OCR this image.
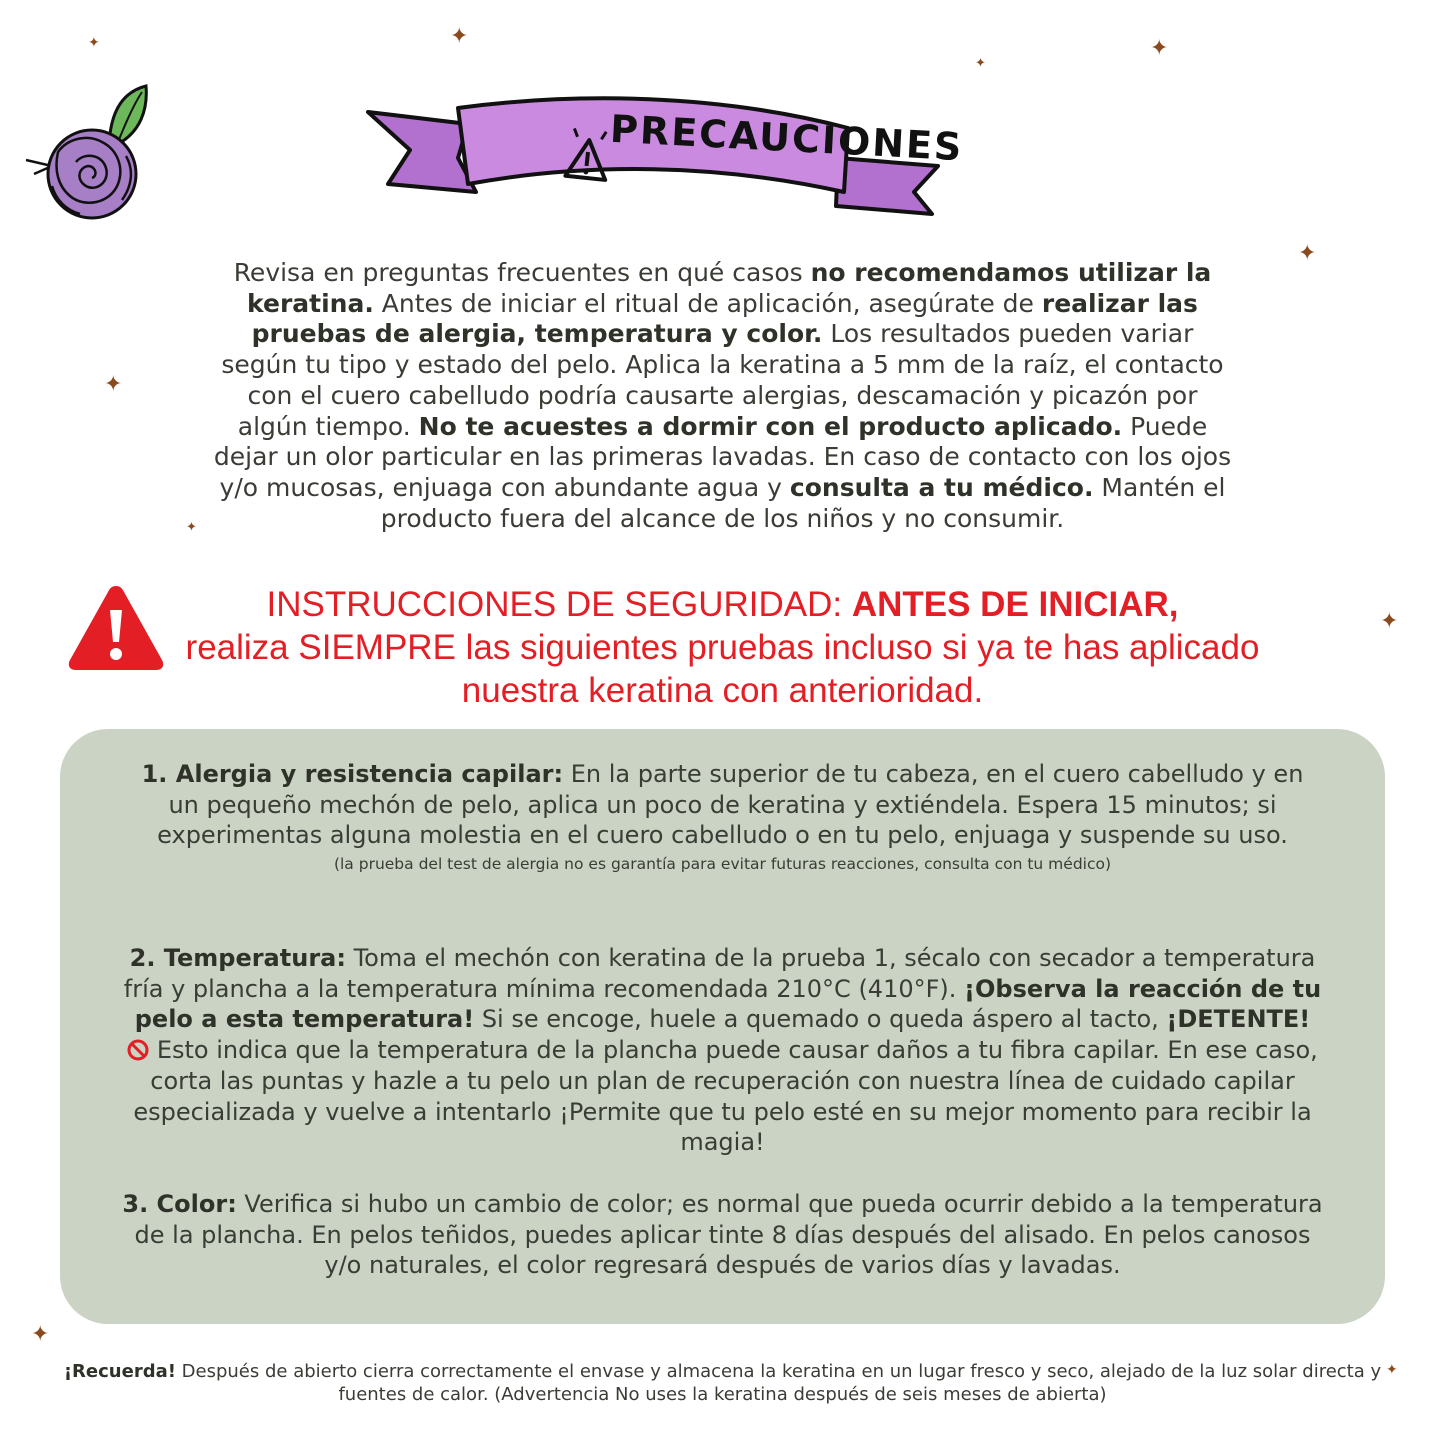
✦	✦	✦
✦
✦
✦
✦
✦
✦
✦
PRECAUCIONES
Revisa en preguntas frecuentes en qué casos no recomendamos utilizar la keratina. Antes de iniciar el ritual de aplicación, asegúrate de realizar las pruebas de alergia, temperatura y color. Los resultados pueden variar según tu tipo y estado del pelo. Aplica la keratina a 5 mm de la raíz, el contacto con el cuero cabelludo podría causarte alergias, descamación y picazón por algún tiempo. No te acuestes a dormir con el producto aplicado. Puede dejar un olor particular en las primeras lavadas. En caso de contacto con los ojos y/o mucosas, enjuaga con abundante agua y consulta a tu médico. Mantén el producto fuera del alcance de los niños y no consumir.
INSTRUCCIONES DE SEGURIDAD: ANTES DE INICIAR,
realiza SIEMPRE las siguientes pruebas incluso si ya te has aplicado nuestra keratina con anterioridad.
1. Alergia y resistencia capilar: En la parte superior de tu cabeza, en el cuero cabelludo y en un pequeño mechón de pelo, aplica un poco de keratina y extiéndela. Espera 15 minutos; si experimentas alguna molestia en el cuero cabelludo o en tu pelo, enjuaga y suspende su uso.
(la prueba del test de alergia no es garantía para evitar futuras reacciones, consulta con tu médico)
2. Temperatura: Toma el mechón con keratina de la prueba 1, sécalo con secador a temperatura fría y plancha a la temperatura mínima recomendada 210°C (410°F). ¡Observa la reacción de tu pelo a esta temperatura! Si se encoge, huele a quemado o queda áspero al tacto, ¡DETENTE!  Esto indica que la temperatura de la plancha puede causar daños a tu fibra capilar. En ese caso, corta las puntas y hazle a tu pelo un plan de recuperación con nuestra línea de cuidado capilar especializada y vuelve a intentarlo ¡Permite que tu pelo esté en su mejor momento para recibir la magia!
3. Color: Verifica si hubo un cambio de color; es normal que pueda ocurrir debido a la temperatura de la plancha. En pelos teñidos, puedes aplicar tinte 8 días después del alisado. En pelos canosos y/o naturales, el color regresará después de varios días y lavadas.
¡Recuerda! Después de abierto cierra correctamente el envase y almacena la keratina en un lugar fresco y seco, alejado de la luz solar directa y fuentes de calor. (Advertencia No uses la keratina después de seis meses de abierta)
